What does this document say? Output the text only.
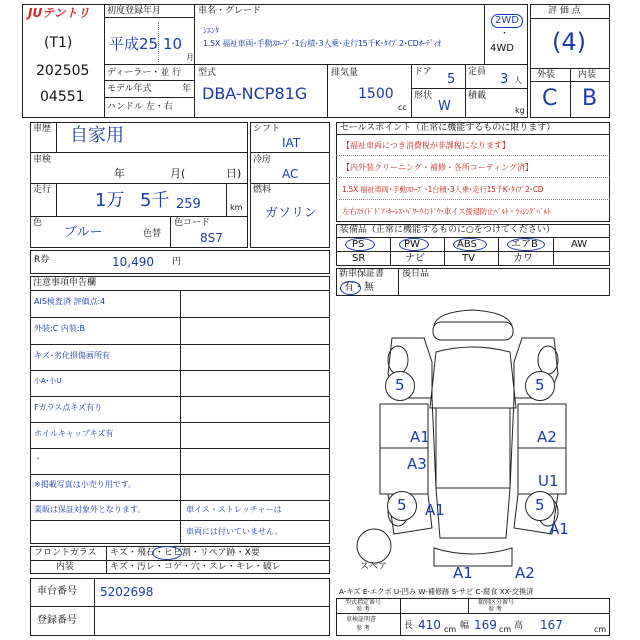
JUテントリ 初度登録年月
(T1)
202505
04551
平成25 10
月
ディーラー・並 行
モデル年式	年
ハンドル 左・右
車名・グレード
ｼｴﾝﾀ
1.5X 福祉車両･手動ｽﾛｰﾌﾟ･1台積･3人乗･走行15千K･ﾀｲﾌﾟ2･CDｵｰﾃﾞｨｵ
2WD
・
4WD
型式
DBA-NCP81G
排気量
1500
cc
ドア 5 定員 3 人
形状
W
積載
kg
評 価 点
(4)
外装	内装
C B
車歴 自家用
車検
年	月(	日)
走行 1万 5千 259	km
色
ブルー	色替
色コード
8S7
シフト
IAT
冷房
AC
燃料
ガソリン
R券	10,490 円
セールスポイント（正常に機能するものに限ります）
【福祉車両につき消費税が非課税になります】
【内外装クリーニング・補修・各所コーティング済】
1.5X 福祉車両･手動ｽﾛｰﾌﾟ･1台積･3人乗･走行15千K･ﾀｲﾌﾟ2･CD
左右ｽﾗｲﾄﾞﾄﾞｱ･ｷｰﾚｽ･ﾊﾟﾜｰｳｲﾝﾄﾞｳ･車イス後退防止ﾍﾞﾙﾄ・ﾗｯｼﾝｸﾞﾍﾞﾙﾄ
装備品（正常に機能するものに○をつけてください）
PS	PW	ABS	エアB	AW
SR	ナビ	TV	カワ
新車保証書
有・無
後日品
注意事項申告欄
AIS検査済 評価点:4
外装:C 内装:B
キズ･劣化損傷画所有
小A･小U
Fガラス点キズ有り
ホイルキャップキズ有
・
※掲載写真は小売り用です。
業販は保証対象外となります。	車イス・ストレッチャーは
車両には付いていません。
フロントガラス キズ・飛石・ヒビ割・リペア跡・X要
内装	キズ・汚レ・コゲ・穴・スレ・キレ・破レ
車台番号 5202698
登録番号
5	5
A1	A2
A3
U1
5 A1	5
A1
スペア	A1	A2
A-キズ E-エクボ U-凹み W-補修跡 S-サビ C-腐食 XX-交換済
型式指定番号
参 考
類別区分番号
参 考
車検証明書
参 考	長 410 cm 幅 169 cm 高 167	cm
